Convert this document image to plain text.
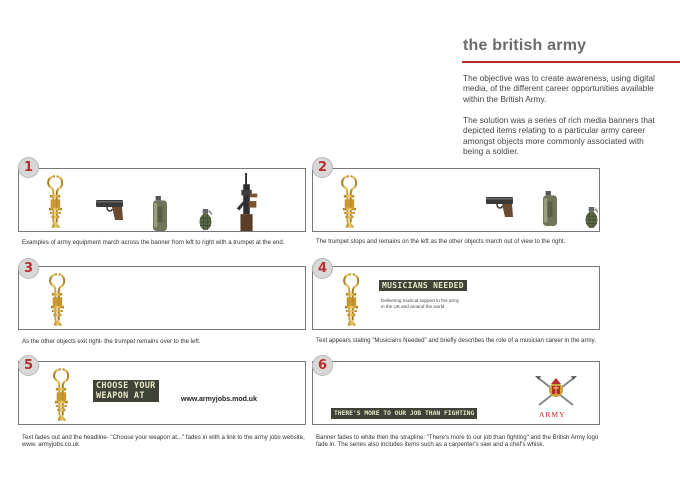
the british army
The objective was to create awareness, using digital media, of the different career opportunities available within the British Army.
The solution was a series of rich media banners that depicted items relating to a particular army career amongst objects more commonly associated with being a soldier.
1
Examples of army equipment march across the banner from left to right with a trumpet at the end.
2
The trumpet stops and remains on the left as the other objects march out of view to the right.
3
As the other objects exit right- the trumpet remains over to the left.
MUSICIANS NEEDED
Delivering musical support to the army
in the UK and around the world
4
Text appears stating "Musicians Needed" and briefly describes the role of a musician career in the army.
CHOOSE YOUR
WEAPON AT	www.armyjobs.mod.uk
5
Text fades out and the headline- "Choose your weapon at..." fades in with a link to the army jobs website, www. armyjobs.co.uk
THERE'S MORE TO OUR JOB THAN FIGHTING	ARMY
6
Banner fades to white then the strapline: "There's more to our job than fighting" and the British Army logo fade in. The series also includes items such as a carpenter's saw and a chef's whisk.
